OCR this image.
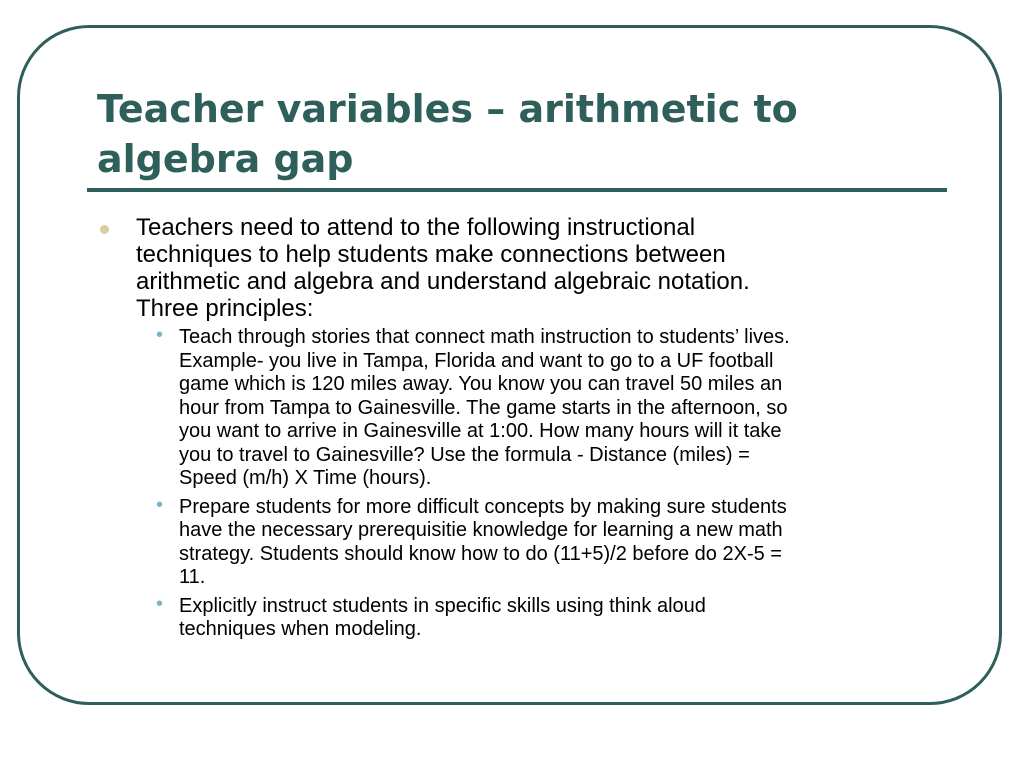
Teacher variables – arithmetic to
algebra gap
Teachers need to attend to the following instructional
techniques to help students make connections between
arithmetic and algebra and understand algebraic notation.
Three principles:
• Teach through stories that connect math instruction to students’ lives.
Example- you live in Tampa, Florida and want to go to a UF football
game which is 120 miles away. You know you can travel 50 miles an
hour from Tampa to Gainesville. The game starts in the afternoon, so
you want to arrive in Gainesville at 1:00. How many hours will it take
you to travel to Gainesville? Use the formula - Distance (miles) =
Speed (m/h) X Time (hours).
• Prepare students for more difficult concepts by making sure students
have the necessary prerequisitie knowledge for learning a new math
strategy. Students should know how to do (11+5)/2 before do 2X-5 =
11.
• Explicitly instruct students in specific skills using think aloud
techniques when modeling.
